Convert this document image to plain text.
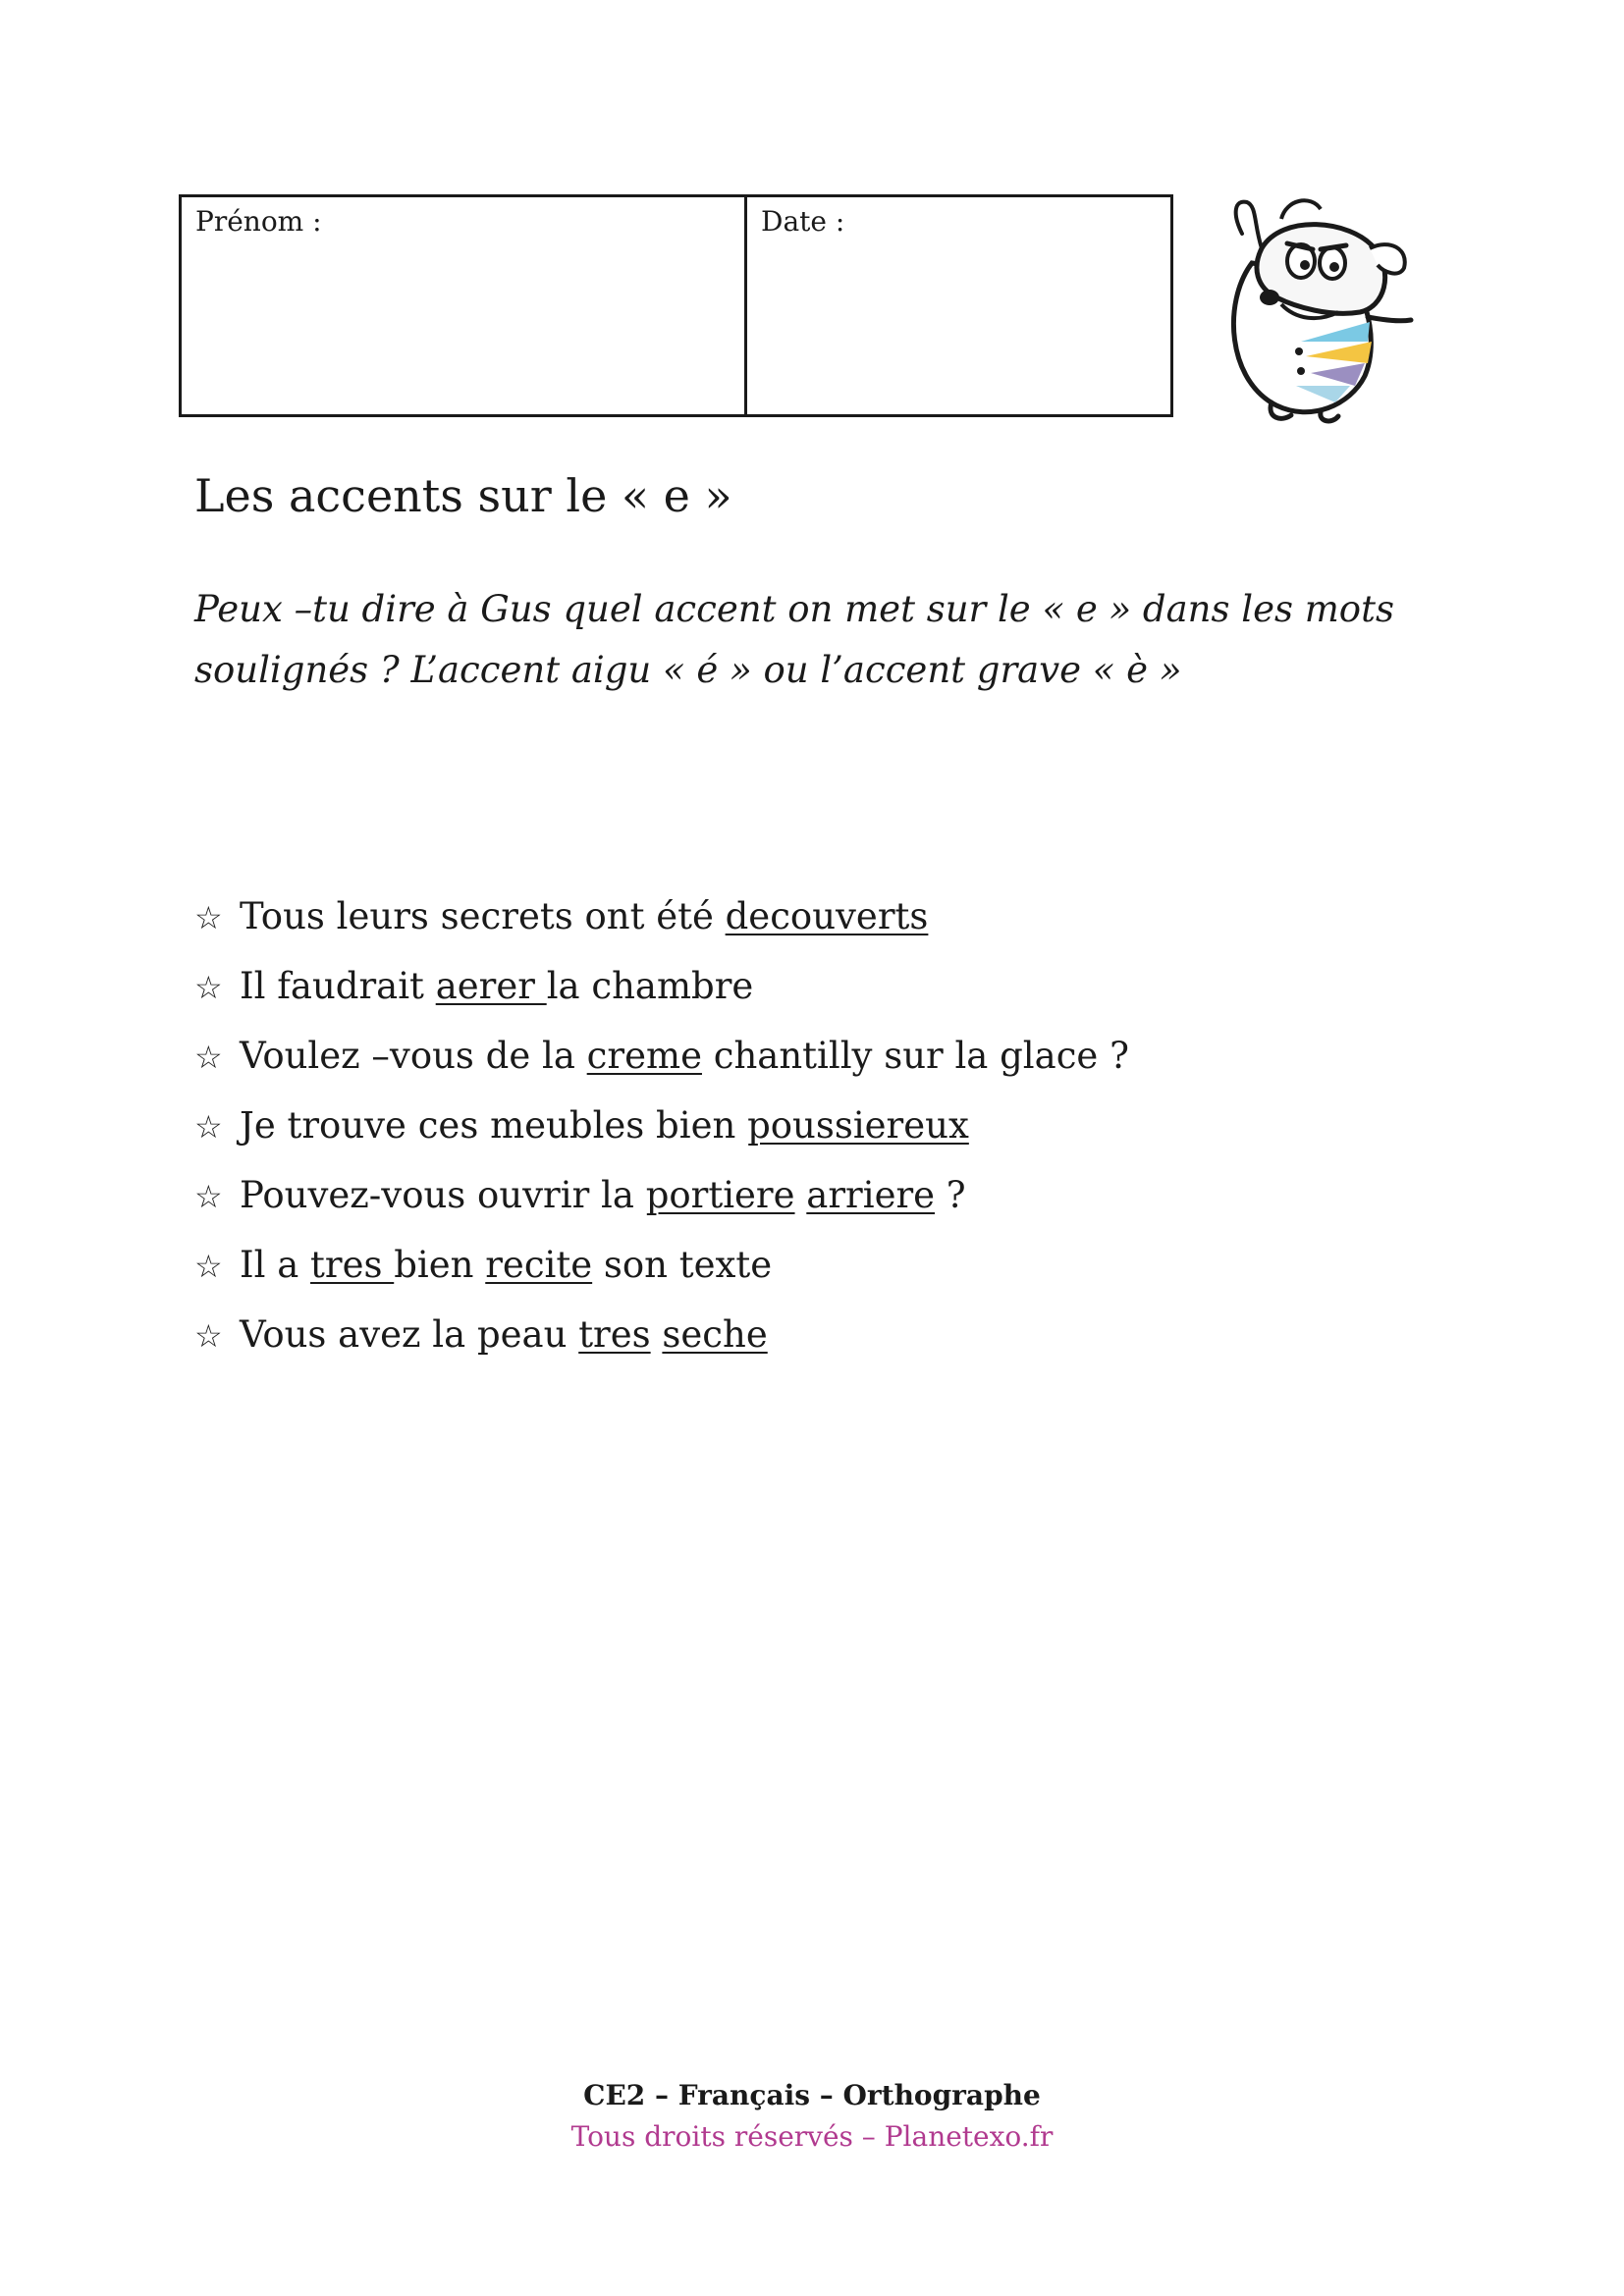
Prénom :	Date :
Les accents sur le « e »

Peux –tu dire à Gus quel accent on met sur le « e » dans les mots soulignés ? L’accent aigu « é » ou l’accent grave « è »

☆ Tous leurs secrets ont été decouverts
☆ Il faudrait aerer la chambre
☆ Voulez –vous de la creme chantilly sur la glace ?
☆ Je trouve ces meubles bien poussiereux
☆ Pouvez-vous ouvrir la portiere arriere ?
☆ Il a tres bien recite son texte
☆ Vous avez la peau tres seche
CE2 – Français – Orthographe
Tous droits réservés – Planetexo.fr
